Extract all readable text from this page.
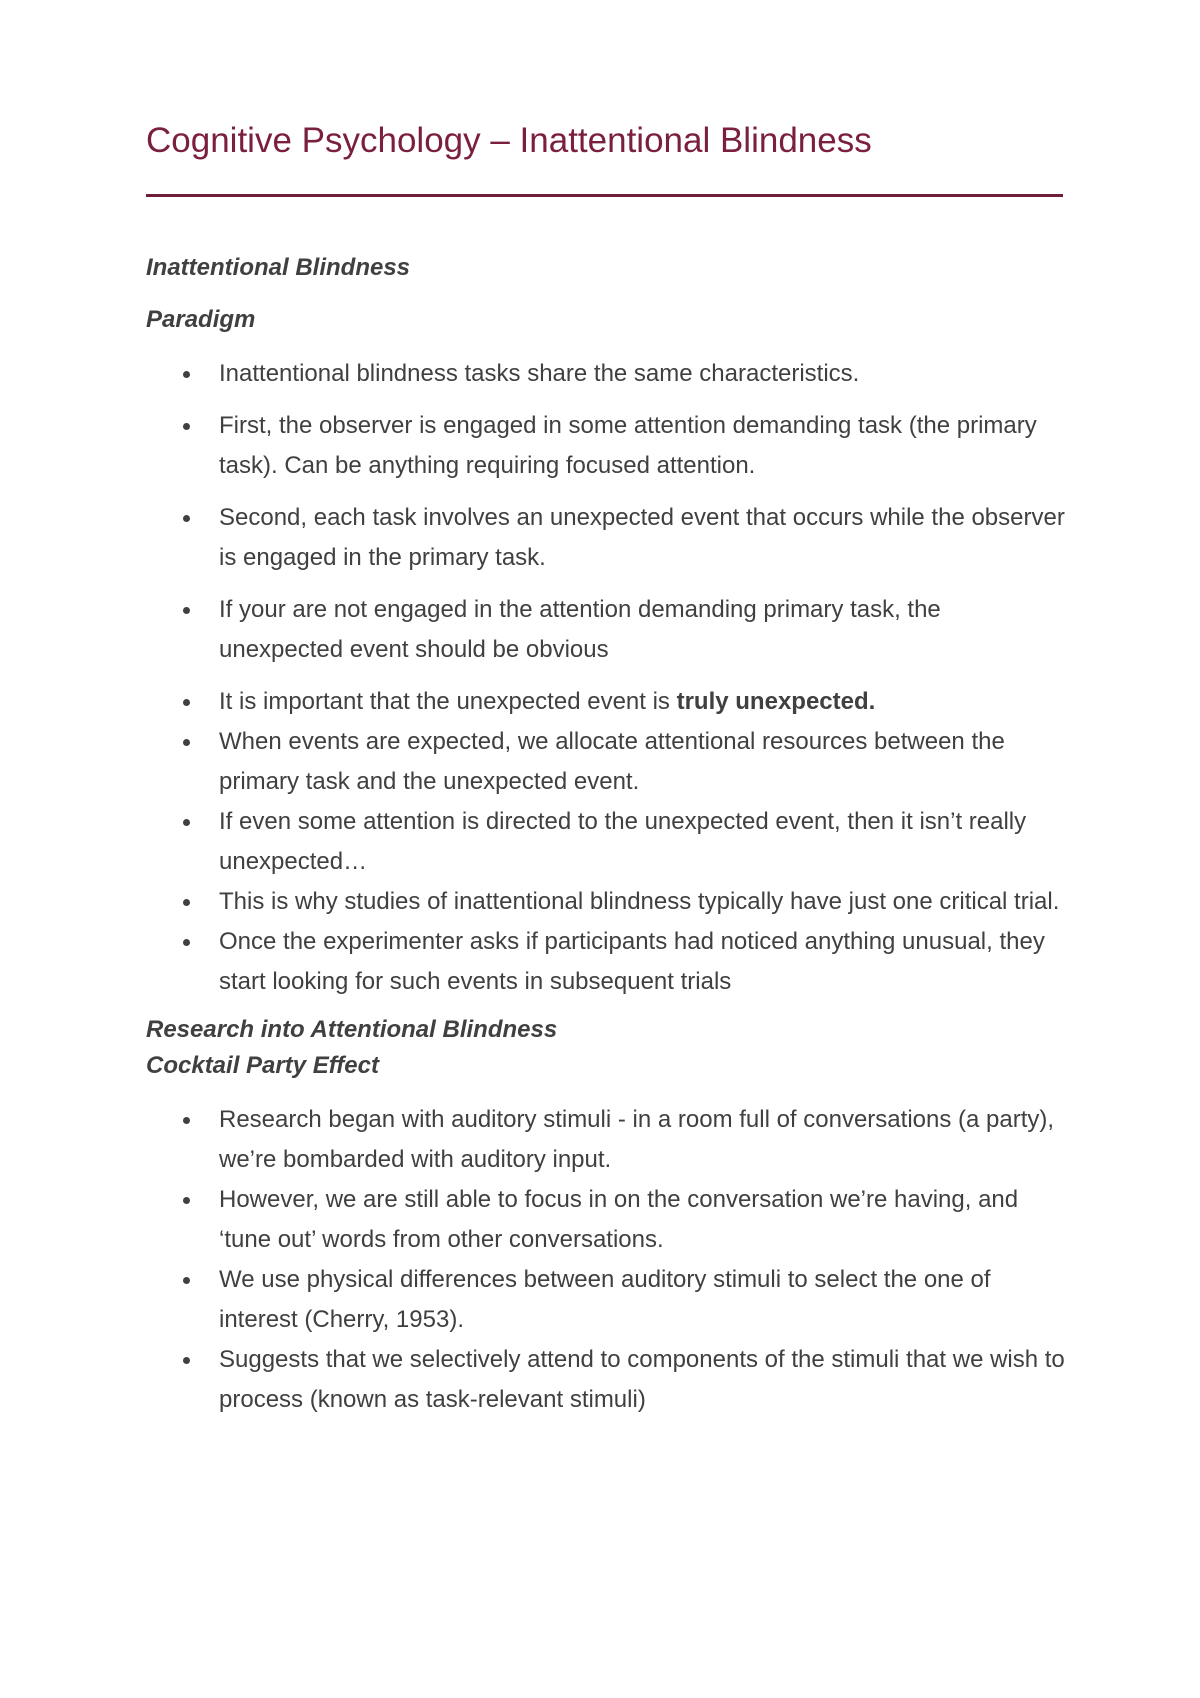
Cognitive Psychology – Inattentional Blindness

Inattentional Blindness

Paradigm

Inattentional blindness tasks share the same characteristics.
First, the observer is engaged in some attention demanding task (the primary task). Can be anything requiring focused attention.
Second, each task involves an unexpected event that occurs while the observer is engaged in the primary task.
If your are not engaged in the attention demanding primary task, the unexpected event should be obvious
It is important that the unexpected event is truly unexpected.
When events are expected, we allocate attentional resources between the primary task and the unexpected event.
If even some attention is directed to the unexpected event, then it isn’t really unexpected…
This is why studies of inattentional blindness typically have just one critical trial.
Once the experimenter asks if participants had noticed anything unusual, they start looking for such events in subsequent trials

Research into Attentional Blindness

Cocktail Party Effect

Research began with auditory stimuli - in a room full of conversations (a party), we’re bombarded with auditory input.
However, we are still able to focus in on the conversation we’re having, and ‘tune out’ words from other conversations.
We use physical differences between auditory stimuli to select the one of interest (Cherry, 1953).
Suggests that we selectively attend to components of the stimuli that we wish to process (known as task-relevant stimuli)
